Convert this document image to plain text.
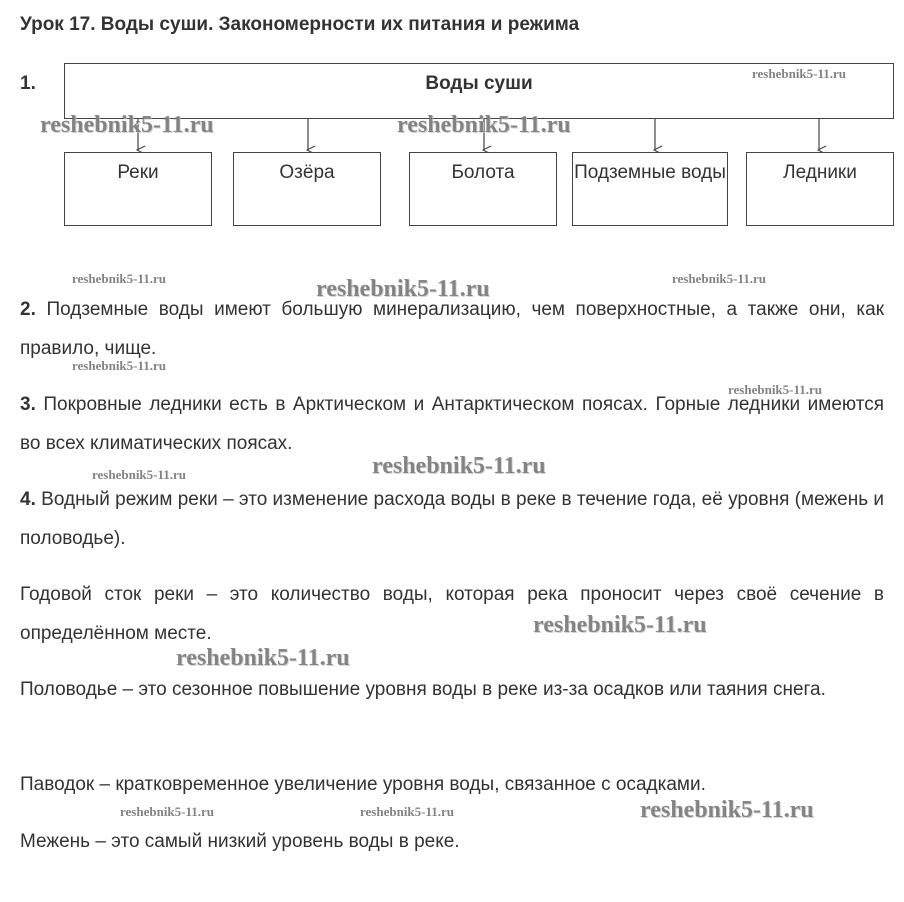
Урок 17. Воды суши. Закономерности их питания и режима
1.	Воды суши
Реки	Озёра	Болота	Подземные воды	Ледники
2. Подземные воды имеют большую минерализацию, чем поверхностные, а также они, как правило, чище.
3. Покровные ледники есть в Арктическом и Антарктическом поясах. Горные ледники имеются во всех климатических поясах.
4. Водный режим реки – это изменение расхода воды в реке в течение года, её уровня (межень и половодье).
Годовой сток реки – это количество воды, которая река проносит через своё сечение в определённом месте.
Половодье – это сезонное повышение уровня воды в реке из-за осадков или таяния снега.
Паводок – кратковременное увеличение уровня воды, связанное с осадками.
Межень – это самый низкий уровень воды в реке.
reshebnik5-11.ru
reshebnik5-11.ru	reshebnik5-11.ru
reshebnik5-11.ru	reshebnik5-11.ru
reshebnik5-11.ru
reshebnik5-11.ru
reshebnik5-11.ru
reshebnik5-11.ru	reshebnik5-11.ru
reshebnik5-11.ru
reshebnik5-11.ru
reshebnik5-11.ru	reshebnik5-11.ru	reshebnik5-11.ru
